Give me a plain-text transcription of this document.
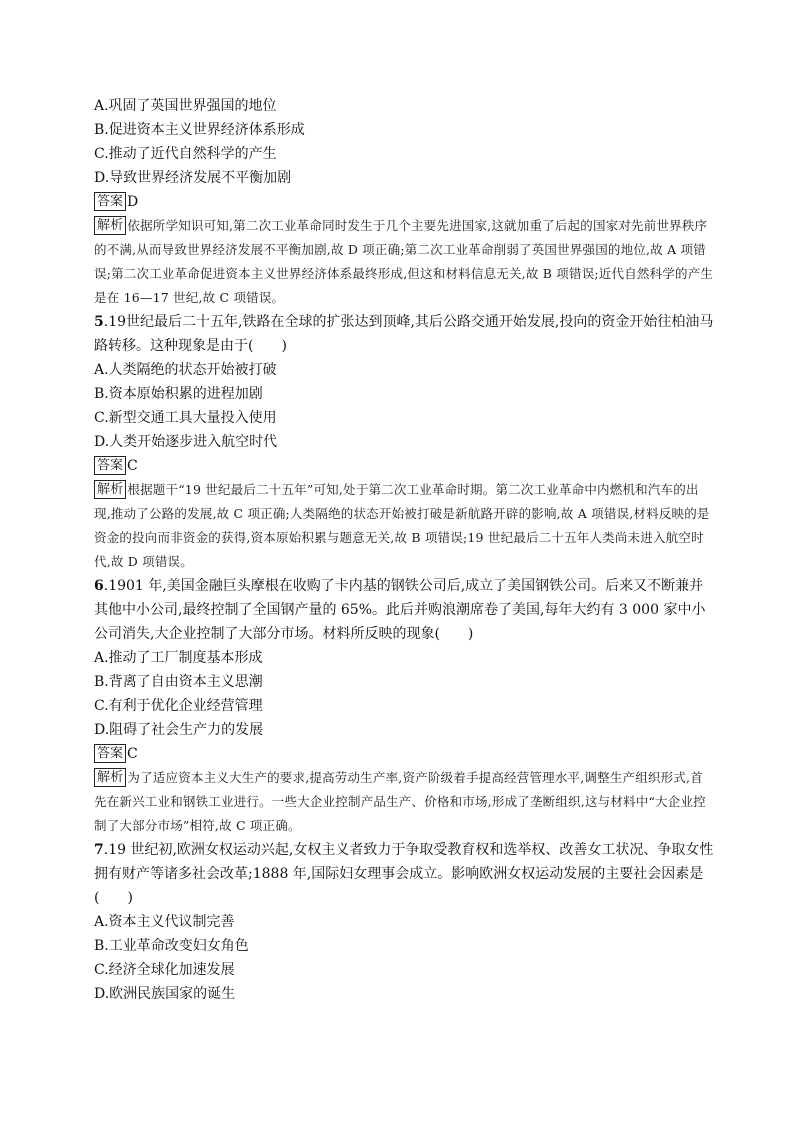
A.巩固了英国世界强国的地位
B.促进资本主义世界经济体系形成
C.推动了近代自然科学的产生
D.导致世界经济发展不平衡加剧
答案 D
解析 依据所学知识可知,第二次工业革命同时发生于几个主要先进国家,这就加重了后起的国家对先前世界秩序的不满,从而导致世界经济发展不平衡加剧,故 D 项正确;第二次工业革命削弱了英国世界强国的地位,故 A 项错误;第二次工业革命促进资本主义世界经济体系最终形成,但这和材料信息无关,故 B 项错误;近代自然科学的产生是在 16—17 世纪,故 C 项错误。
5.19世纪最后二十五年,铁路在全球的扩张达到顶峰,其后公路交通开始发展,投向的资金开始往柏油马路转移。这种现象是由于(　　)
A.人类隔绝的状态开始被打破
B.资本原始积累的进程加剧
C.新型交通工具大量投入使用
D.人类开始逐步进入航空时代
答案 C
解析 根据题干“19 世纪最后二十五年”可知,处于第二次工业革命时期。第二次工业革命中内燃机和汽车的出现,推动了公路的发展,故 C 项正确;人类隔绝的状态开始被打破是新航路开辟的影响,故 A 项错误,材料反映的是资金的投向而非资金的获得,资本原始积累与题意无关,故 B 项错误;19 世纪最后二十五年人类尚未进入航空时代,故 D 项错误。
6.1901 年,美国金融巨头摩根在收购了卡内基的钢铁公司后,成立了美国钢铁公司。后来又不断兼并其他中小公司,最终控制了全国钢产量的 65%。此后并购浪潮席卷了美国,每年大约有 3 000 家中小公司消失,大企业控制了大部分市场。材料所反映的现象(　　)
A.推动了工厂制度基本形成
B.背离了自由资本主义思潮
C.有利于优化企业经营管理
D.阻碍了社会生产力的发展
答案 C
解析 为了适应资本主义大生产的要求,提高劳动生产率,资产阶级着手提高经营管理水平,调整生产组织形式,首先在新兴工业和钢铁工业进行。一些大企业控制产品生产、价格和市场,形成了垄断组织,这与材料中“大企业控制了大部分市场”相符,故 C 项正确。
7.19 世纪初,欧洲女权运动兴起,女权主义者致力于争取受教育权和选举权、改善女工状况、争取女性拥有财产等诸多社会改革;1888 年,国际妇女理事会成立。影响欧洲女权运动发展的主要社会因素是(　　)
A.资本主义代议制完善
B.工业革命改变妇女角色
C.经济全球化加速发展
D.欧洲民族国家的诞生
